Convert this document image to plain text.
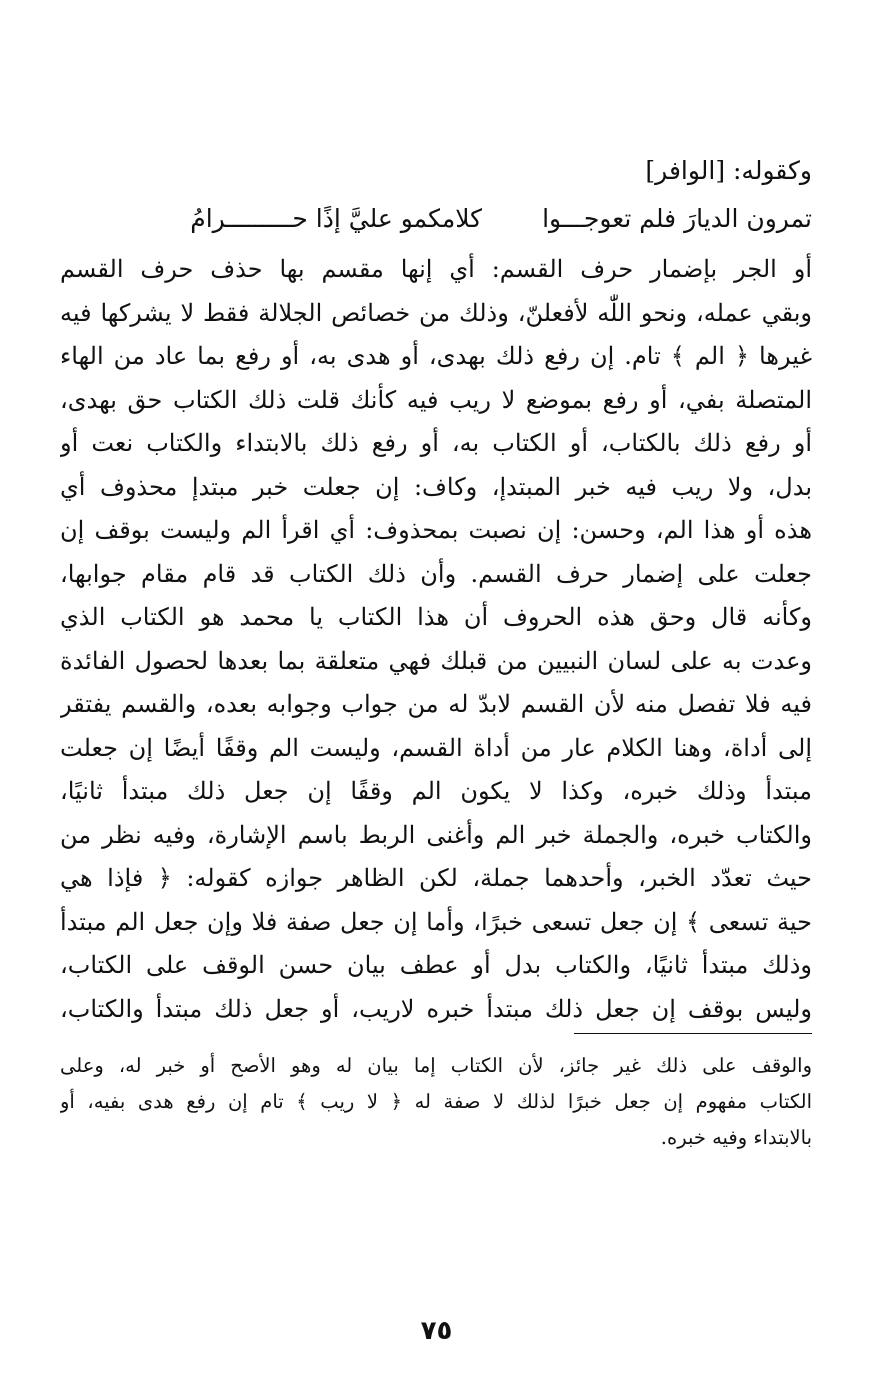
وكقوله: [الوافر]
تمرون الديارَ فلم تعوجـــوا
كلامكمو عليَّ إذًا حـــــــــرامُ
أو الجر بإضمار حرف القسم: أي إنها مقسم بها حذف حرف القسم
وبقي عمله، ونحو اللّٰه لأفعلنّ، وذلك من خصائص الجلالة فقط لا يشركها فيه
غيرها ﴿ الم ﴾ تام. إن رفع ذلك بهدى، أو هدى به، أو رفع بما عاد من الهاء
المتصلة بفي، أو رفع بموضع لا ريب فيه كأنك قلت ذلك الكتاب حق بهدى،
أو رفع ذلك بالكتاب، أو الكتاب به، أو رفع ذلك بالابتداء والكتاب نعت أو
بدل، ولا ريب فيه خبر المبتدإ، وكاف: إن جعلت خبر مبتدإ محذوف أي
هذه أو هذا الم، وحسن: إن نصبت بمحذوف: أي اقرأ الم وليست بوقف إن
جعلت على إضمار حرف القسم. وأن ذلك الكتاب قد قام مقام جوابها،
وكأنه قال وحق هذه الحروف أن هذا الكتاب يا محمد هو الكتاب الذي
وعدت به على لسان النبيين من قبلك فهي متعلقة بما بعدها لحصول الفائدة
فيه فلا تفصل منه لأن القسم لابدّ له من جواب وجوابه بعده، والقسم يفتقر
إلى أداة، وهنا الكلام عار من أداة القسم، وليست الم وقفًا أيضًا إن جعلت
مبتدأ وذلك خبره، وكذا لا يكون الم وقفًا إن جعل ذلك مبتدأ ثانيًا،
والكتاب خبره، والجملة خبر الم وأغنى الربط باسم الإشارة، وفيه نظر من
حيث تعدّد الخبر، وأحدهما جملة، لكن الظاهر جوازه كقوله: ﴿ فإذا هي
حية تسعى ﴾ إن جعل تسعى خبرًا، وأما إن جعل صفة فلا وإن جعل الم مبتدأ
وذلك مبتدأ ثانيًا، والكتاب بدل أو عطف بيان حسن الوقف على الكتاب،
وليس بوقف إن جعل ذلك مبتدأ خبره لاريب، أو جعل ذلك مبتدأ والكتاب،
والوقف على ذلك غير جائز، لأن الكتاب إما بيان له وهو الأصح أو خبر له، وعلى
الكتاب مفهوم إن جعل خبرًا لذلك لا صفة له ﴿ لا ريب ﴾ تام إن رفع هدى بفيه، أو
بالابتداء وفيه خبره.
٧٥
